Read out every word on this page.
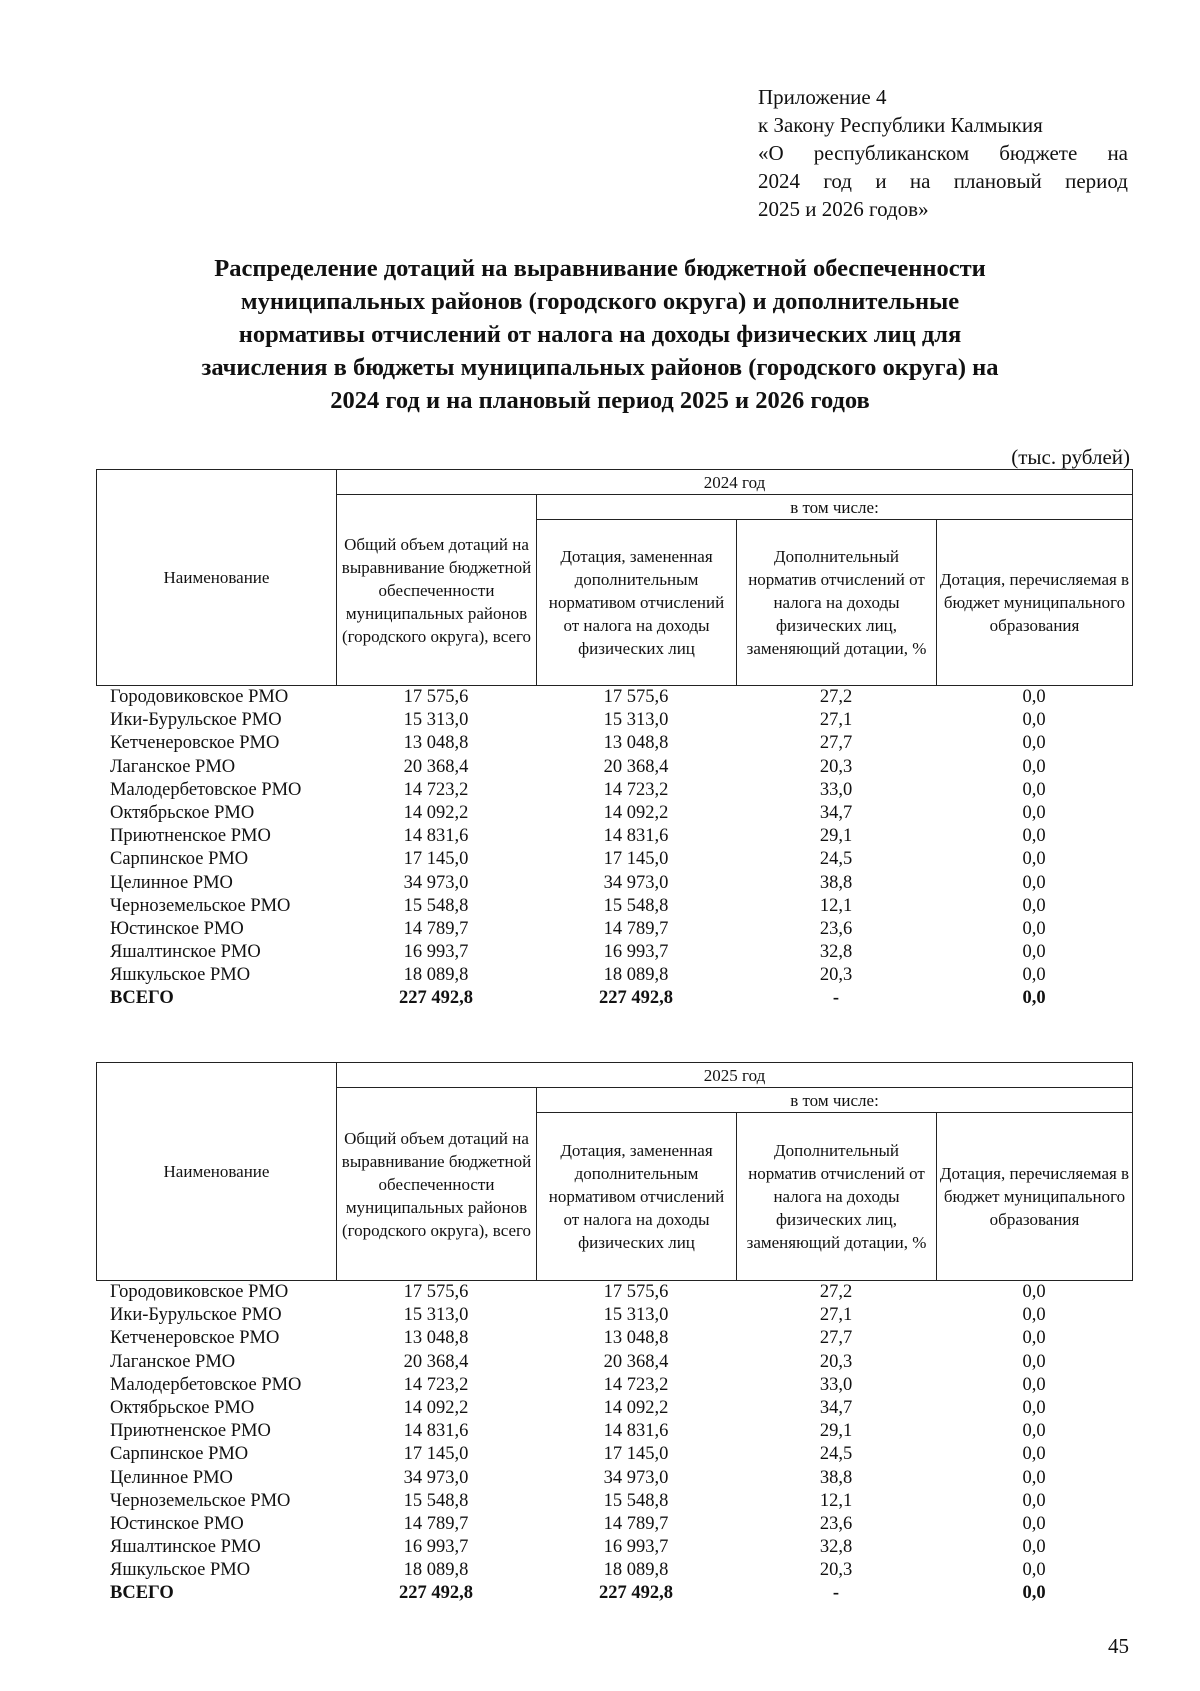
Приложение 4
к Закону Республики Калмыкия
«О республиканском бюджете на
2024 год и на плановый период
2025 и 2026 годов»
Распределение дотаций на выравнивание бюджетной обеспеченности
муниципальных районов (городского округа) и дополнительные
нормативы отчислений от налога на доходы физических лиц для
зачисления в бюджеты муниципальных районов (городского округа) на
2024 год и на плановый период 2025 и 2026 годов
(тыс. рублей)
Наименование	2024 год			
	Общий объем дотаций на выравнивание бюджетной обеспеченности муниципальных районов (городского округа), всего	в том числе:		
		Дотация, замененная дополнительным нормативом отчислений от налога на доходы физических лиц	Дополнительный норматив отчислений от налога на доходы физических лиц, заменяющий дотации, %	Дотация, перечисляемая в бюджет муниципального образования
Городовиковское РМО	17 575,6	17 575,6	27,2	0,0
Ики-Бурульское РМО	15 313,0	15 313,0	27,1	0,0
Кетченеровское РМО	13 048,8	13 048,8	27,7	0,0
Лаганское РМО	20 368,4	20 368,4	20,3	0,0
Малодербетовское РМО	14 723,2	14 723,2	33,0	0,0
Октябрьское РМО	14 092,2	14 092,2	34,7	0,0
Приютненское РМО	14 831,6	14 831,6	29,1	0,0
Сарпинское РМО	17 145,0	17 145,0	24,5	0,0
Целинное РМО	34 973,0	34 973,0	38,8	0,0
Черноземельское РМО	15 548,8	15 548,8	12,1	0,0
Юстинское РМО	14 789,7	14 789,7	23,6	0,0
Яшалтинское РМО	16 993,7	16 993,7	32,8	0,0
Яшкульское РМО	18 089,8	18 089,8	20,3	0,0
ВСЕГО	227 492,8	227 492,8	-	0,0
Наименование	2025 год			
	Общий объем дотаций на выравнивание бюджетной обеспеченности муниципальных районов (городского округа), всего	в том числе:		
		Дотация, замененная дополнительным нормативом отчислений от налога на доходы физических лиц	Дополнительный норматив отчислений от налога на доходы физических лиц, заменяющий дотации, %	Дотация, перечисляемая в бюджет муниципального образования
Городовиковское РМО	17 575,6	17 575,6	27,2	0,0
Ики-Бурульское РМО	15 313,0	15 313,0	27,1	0,0
Кетченеровское РМО	13 048,8	13 048,8	27,7	0,0
Лаганское РМО	20 368,4	20 368,4	20,3	0,0
Малодербетовское РМО	14 723,2	14 723,2	33,0	0,0
Октябрьское РМО	14 092,2	14 092,2	34,7	0,0
Приютненское РМО	14 831,6	14 831,6	29,1	0,0
Сарпинское РМО	17 145,0	17 145,0	24,5	0,0
Целинное РМО	34 973,0	34 973,0	38,8	0,0
Черноземельское РМО	15 548,8	15 548,8	12,1	0,0
Юстинское РМО	14 789,7	14 789,7	23,6	0,0
Яшалтинское РМО	16 993,7	16 993,7	32,8	0,0
Яшкульское РМО	18 089,8	18 089,8	20,3	0,0
ВСЕГО	227 492,8	227 492,8	-	0,0
45
